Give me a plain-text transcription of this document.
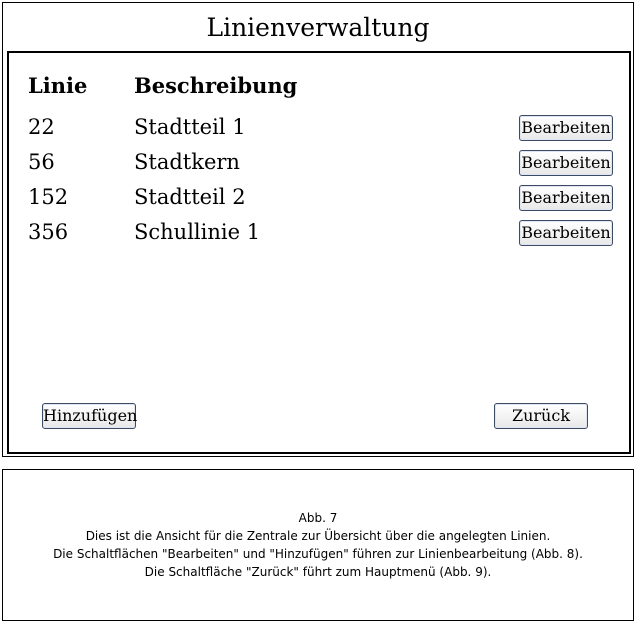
Linienverwaltung
Linie Beschreibung
22	Stadtteil 1	Bearbeiten
56	Stadtkern	Bearbeiten
152	Stadtteil 2	Bearbeiten
356	Schullinie 1	Bearbeiten
Hinzufügen	Zurück
Abb. 7
Dies ist die Ansicht für die Zentrale zur Übersicht über die angelegten Linien.
Die Schaltflächen "Bearbeiten" und "Hinzufügen" führen zur Linienbearbeitung (Abb. 8).
Die Schaltfläche "Zurück" führt zum Hauptmenü (Abb. 9).
